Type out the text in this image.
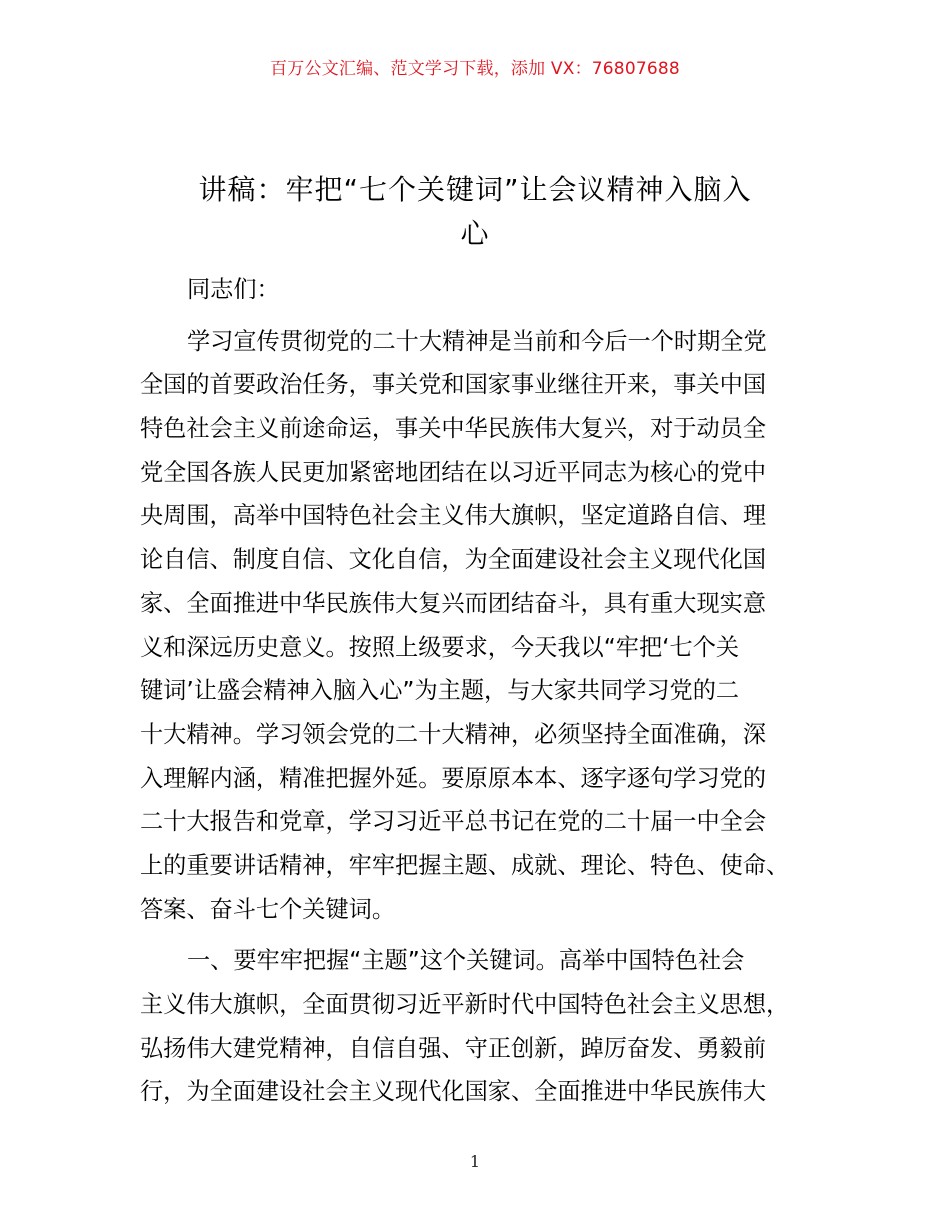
百万公文汇编、范文学习下载，添加 VX：76807688
讲稿：牢把“七个关键词”让会议精神入脑入
心
同志们：
学习宣传贯彻党的二十大精神是当前和今后一个时期全党
全国的首要政治任务，事关党和国家事业继往开来，事关中国
特色社会主义前途命运，事关中华民族伟大复兴，对于动员全
党全国各族人民更加紧密地团结在以习近平同志为核心的党中
央周围，高举中国特色社会主义伟大旗帜，坚定道路自信、理
论自信、制度自信、文化自信，为全面建设社会主义现代化国
家、全面推进中华民族伟大复兴而团结奋斗，具有重大现实意
义和深远历史意义。按照上级要求，今天我以“牢把‘七个关
键词’让盛会精神入脑入心”为主题，与大家共同学习党的二
十大精神。学习领会党的二十大精神，必须坚持全面准确，深
入理解内涵，精准把握外延。要原原本本、逐字逐句学习党的
二十大报告和党章，学习习近平总书记在党的二十届一中全会
上的重要讲话精神，牢牢把握主题、成就、理论、特色、使命、
答案、奋斗七个关键词。
一、要牢牢把握“主题”这个关键词。高举中国特色社会
主义伟大旗帜，全面贯彻习近平新时代中国特色社会主义思想，
弘扬伟大建党精神，自信自强、守正创新，踔厉奋发、勇毅前
行，为全面建设社会主义现代化国家、全面推进中华民族伟大
1
